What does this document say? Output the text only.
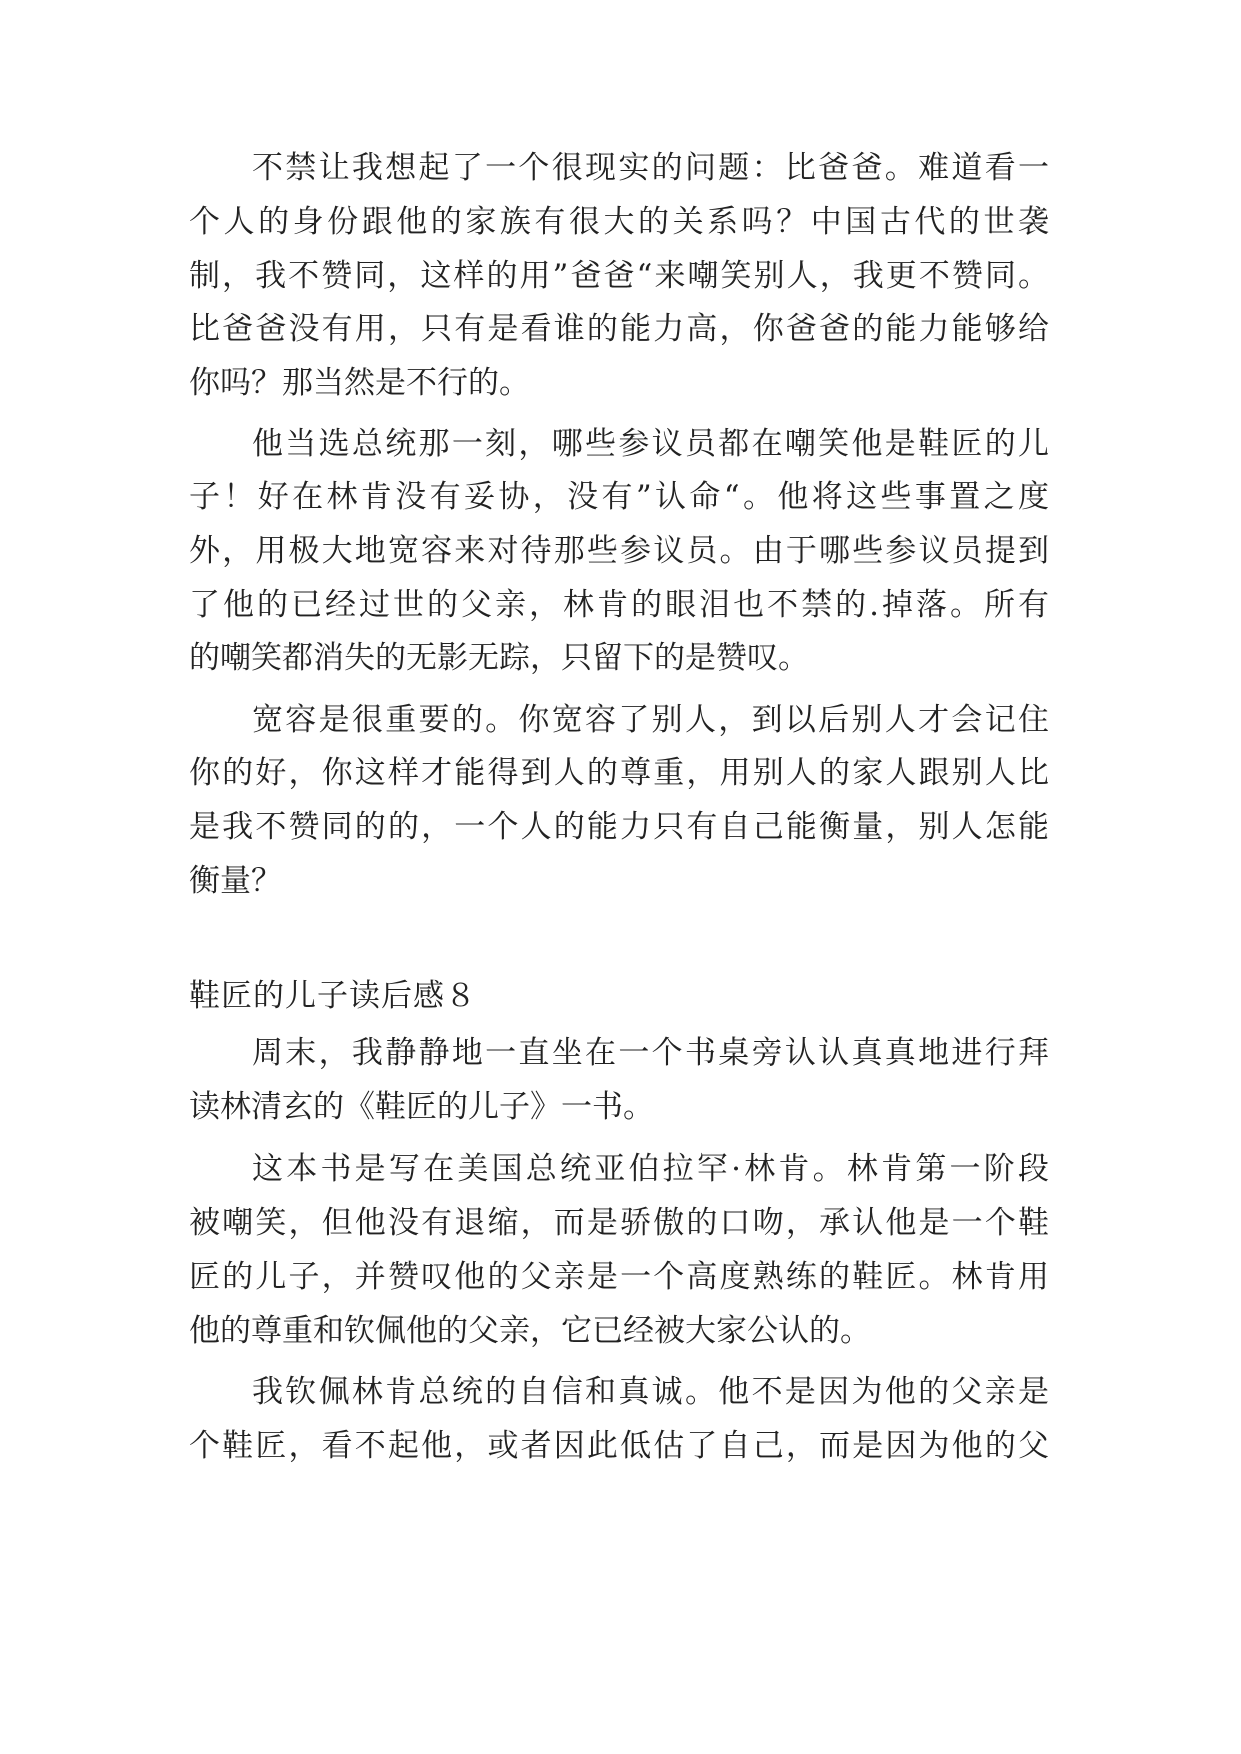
不禁让我想起了一个很现实的问题：比爸爸。难道看一
个人的身份跟他的家族有很大的关系吗？中国古代的世袭
制，我不赞同，这样的用”爸爸“来嘲笑别人，我更不赞同。
比爸爸没有用，只有是看谁的能力高，你爸爸的能力能够给
你吗？那当然是不行的。
他当选总统那一刻，哪些参议员都在嘲笑他是鞋匠的儿
子！好在林肯没有妥协，没有”认命“。他将这些事置之度
外，用极大地宽容来对待那些参议员。由于哪些参议员提到
了他的已经过世的父亲，林肯的眼泪也不禁的.掉落。所有
的嘲笑都消失的无影无踪，只留下的是赞叹。
宽容是很重要的。你宽容了别人，到以后别人才会记住
你的好，你这样才能得到人的尊重，用别人的家人跟别人比
是我不赞同的的，一个人的能力只有自己能衡量，别人怎能
衡量？
鞋匠的儿子读后感８
周末，我静静地一直坐在一个书桌旁认认真真地进行拜
读林清玄的《鞋匠的儿子》一书。
这本书是写在美国总统亚伯拉罕·林肯。林肯第一阶段
被嘲笑，但他没有退缩，而是骄傲的口吻，承认他是一个鞋
匠的儿子，并赞叹他的父亲是一个高度熟练的鞋匠。林肯用
他的尊重和钦佩他的父亲，它已经被大家公认的。
我钦佩林肯总统的自信和真诚。他不是因为他的父亲是
个鞋匠，看不起他，或者因此低估了自己，而是因为他的父
